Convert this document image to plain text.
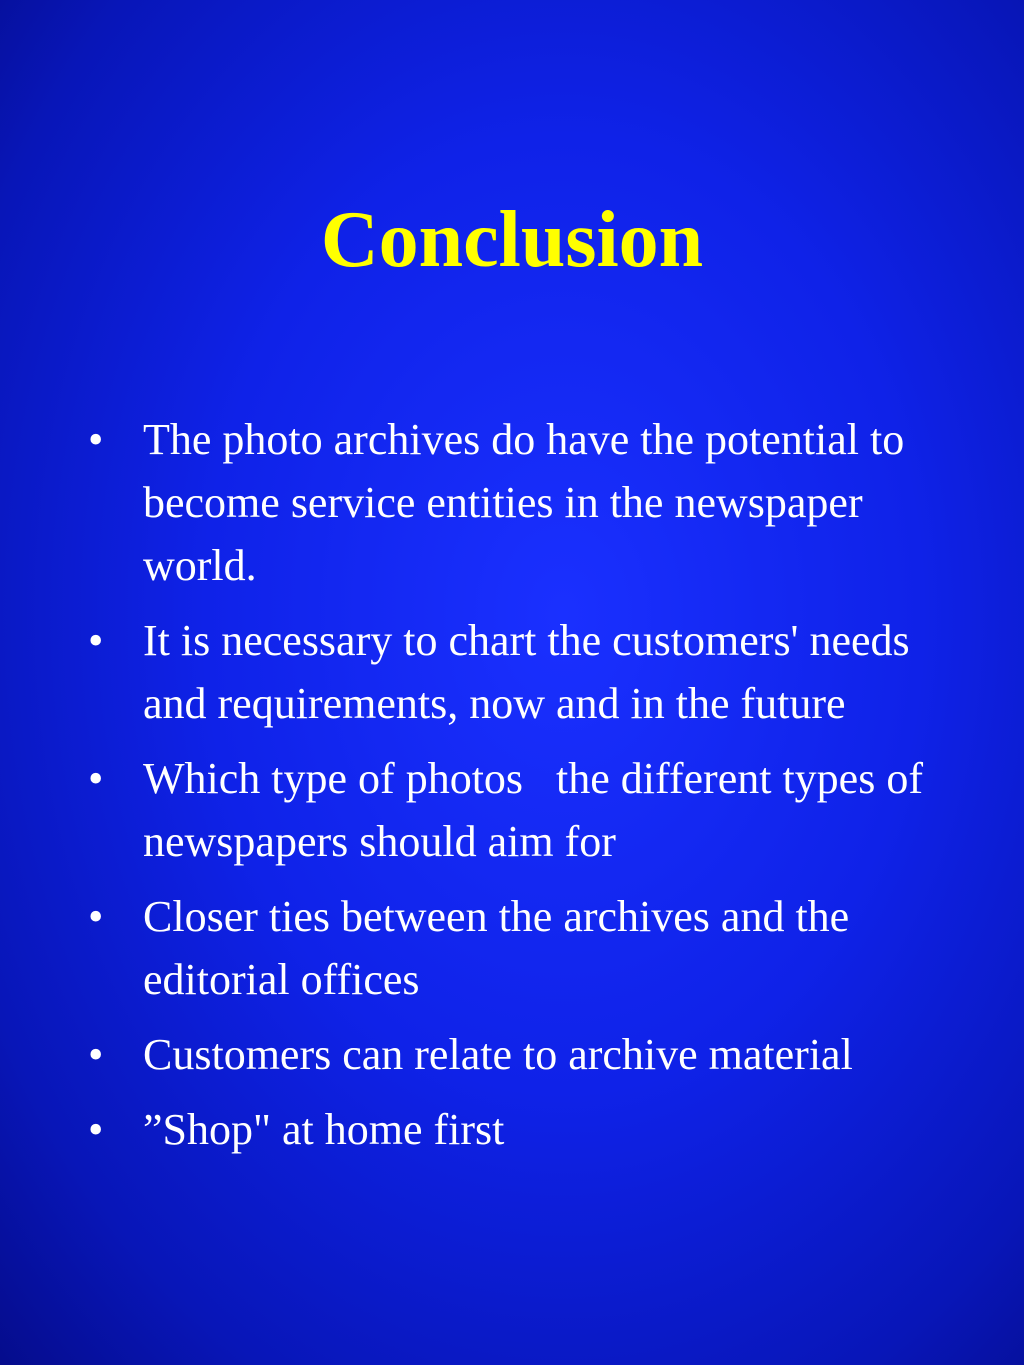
Conclusion
• The photo archives do have the potential to become service entities in the newspaper world.
• It is necessary to chart the customers' needs and requirements, now and in the future
• Which type of photos   the different types of newspapers should aim for
• Closer ties between the archives and the editorial offices
• Customers can relate to archive material
• ”Shop" at home first
